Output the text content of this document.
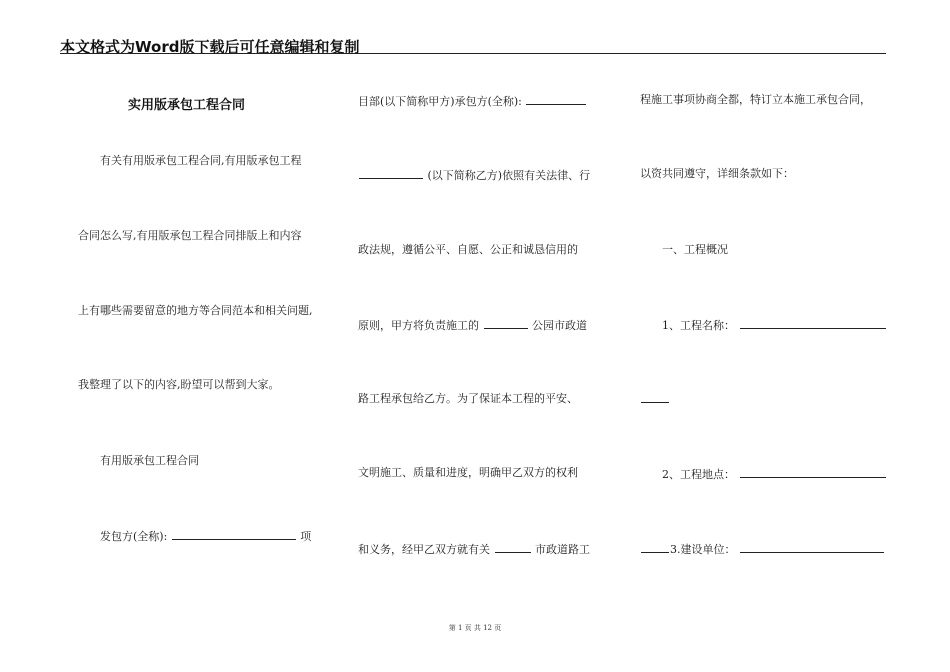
本文格式为Word版下载后可任意编辑和复制
实用版承包工程合同
有关有用版承包工程合同,有用版承包工程
合同怎么写,有用版承包工程合同排版上和内容
上有哪些需要留意的地方等合同范本和相关问题,
我整理了以下的内容,盼望可以帮到大家。
有用版承包工程合同
发包方(全称):	项
目部(以下简称甲方)承包方(全称):
(以下简称乙方)依照有关法律、行
政法规，遵循公平、自愿、公正和诚恳信用的
原则，甲方将负责施工的	公园市政道
路工程承包给乙方。为了保证本工程的平安、
文明施工、质量和进度，明确甲乙双方的权利
和义务，经甲乙双方就有关	市政道路工
程施工事项协商全都，特订立本施工承包合同，
以资共同遵守，详细条款如下：
一、工程概况
1、工程名称：
2、工程地点：
3.建设单位：
第 1 页 共 12 页
